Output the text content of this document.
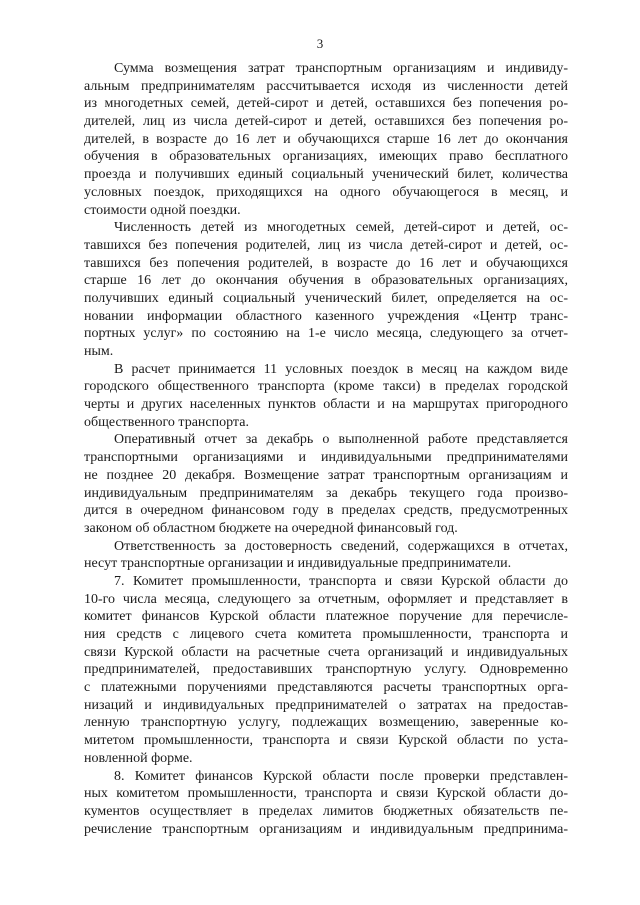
3
Сумма возмещения затрат транспортным организациям и индивиду-
альным предпринимателям рассчитывается исходя из численности детей
из многодетных семей, детей-сирот и детей, оставшихся без попечения ро-
дителей, лиц из числа детей-сирот и детей, оставшихся без попечения ро-
дителей, в возрасте до 16 лет и обучающихся старше 16 лет до окончания
обучения в образовательных организациях, имеющих право бесплатного
проезда и получивших единый социальный ученический билет, количества
условных поездок, приходящихся на одного обучающегося в месяц, и
стоимости одной поездки.
Численность детей из многодетных семей, детей-сирот и детей, ос-
тавшихся без попечения родителей, лиц из числа детей-сирот и детей, ос-
тавшихся без попечения родителей, в возрасте до 16 лет и обучающихся
старше 16 лет до окончания обучения в образовательных организациях,
получивших единый социальный ученический билет, определяется на ос-
новании информации областного казенного учреждения «Центр транс-
портных услуг» по состоянию на 1-е число месяца, следующего за отчет-
ным.
В расчет принимается 11 условных поездок в месяц на каждом виде
городского общественного транспорта (кроме такси) в пределах городской
черты и других населенных пунктов области и на маршрутах пригородного
общественного транспорта.
Оперативный отчет за декабрь о выполненной работе представляется
транспортными организациями и индивидуальными предпринимателями
не позднее 20 декабря. Возмещение затрат транспортным организациям и
индивидуальным предпринимателям за декабрь текущего года произво-
дится в очередном финансовом году в пределах средств, предусмотренных
законом об областном бюджете на очередной финансовый год.
Ответственность за достоверность сведений, содержащихся в отчетах,
несут транспортные организации и индивидуальные предприниматели.
7. Комитет промышленности, транспорта и связи Курской области до
10-го числа месяца, следующего за отчетным, оформляет и представляет в
комитет финансов Курской области платежное поручение для перечисле-
ния средств с лицевого счета комитета промышленности, транспорта и
связи Курской области на расчетные счета организаций и индивидуальных
предпринимателей, предоставивших транспортную услугу. Одновременно
с платежными поручениями представляются расчеты транспортных орга-
низаций и индивидуальных предпринимателей о затратах на предостав-
ленную транспортную услугу, подлежащих возмещению, заверенные ко-
митетом промышленности, транспорта и связи Курской области по уста-
новленной форме.
8. Комитет финансов Курской области после проверки представлен-
ных комитетом промышленности, транспорта и связи Курской области до-
кументов осуществляет в пределах лимитов бюджетных обязательств пе-
речисление транспортным организациям и индивидуальным предпринима-
